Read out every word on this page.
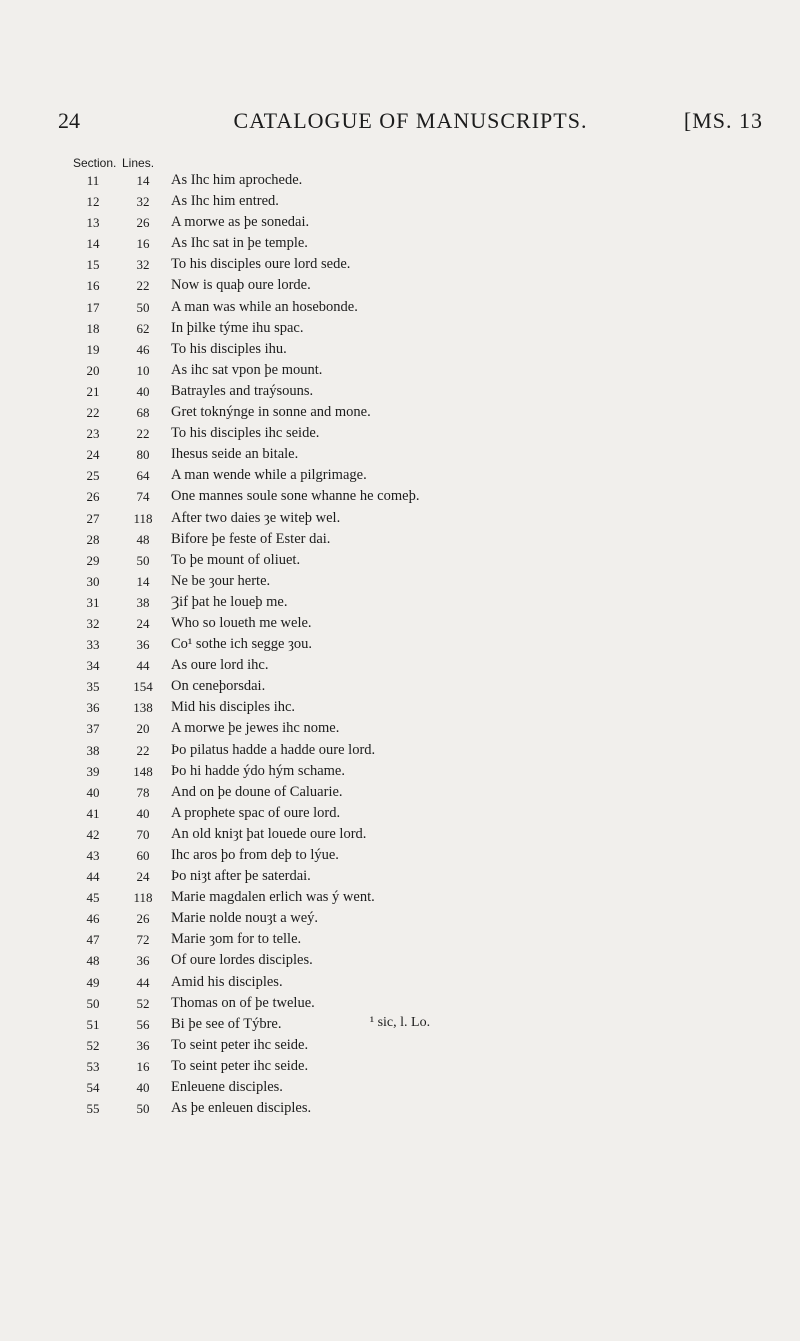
24	CATALOGUE OF MANUSCRIPTS.	[MS. 13
Section. Lines.
11	14	As Ihc him aprochede.
12	32	As Ihc him entred.
13	26	A morwe as þe sonedai.
14	16	As Ihc sat in þe temple.
15	32	To his disciples oure lord sede.
16	22	Now is quaþ oure lorde.
17	50	A man was while an hosebonde.
18	62	In þilke týme ihu spac.
19	46	To his disciples ihu.
20	10	As ihc sat vpon þe mount.
21	40	Batrayles and traýsouns.
22	68	Gret toknýnge in sonne and mone.
23	22	To his disciples ihc seide.
24	80	Ihesus seide an bitale.
25	64	A man wende while a pilgrimage.
26	74	One mannes soule sone whanne he comeþ.
27	118	After two daies ȝe witeþ wel.
28	48	Bifore þe feste of Ester dai.
29	50	To þe mount of oliuet.
30	14	Ne be ȝour herte.
31	38	Ȝif þat he loueþ me.
32	24	Who so loueth me wele.
33	36	Co¹ sothe ich segge ȝou.
34	44	As oure lord ihc.
35	154	On ceneþorsdai.
36	138	Mid his disciples ihc.
37	20	A morwe þe jewes ihc nome.
38	22	Þo pilatus hadde a hadde oure lord.
39	148	Þo hi hadde ýdo hým schame.
40	78	And on þe doune of Caluarie.
41	40	A prophete spac of oure lord.
42	70	An old kniȝt þat louede oure lord.
43	60	Ihc aros þo from deþ to lýue.
44	24	Þo niȝt after þe saterdai.
45	118	Marie magdalen erlich was ý went.
46	26	Marie nolde nouȝt a weý.
47	72	Marie ȝom for to telle.
48	36	Of oure lordes disciples.
49	44	Amid his disciples.
50	52	Thomas on of þe twelue.
51	56	Bi þe see of Týbre.
52	36	To seint peter ihc seide.
53	16	To seint peter ihc seide.
54	40	Enleuene disciples.
55	50	As þe enleuen disciples.
¹ sic, l. Lo.
